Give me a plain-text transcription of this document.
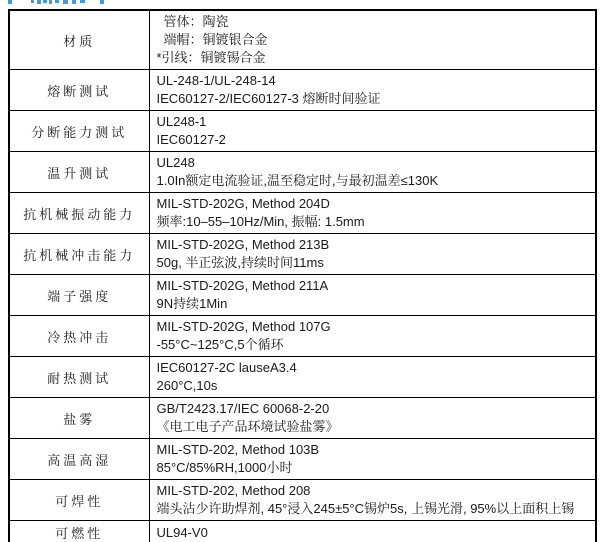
材质	管体：陶瓷
端帽：铜镀银合金
*引线：铜镀锡合金

熔断测试	UL-248-1/UL-248-14
IEC60127-2/IEC60127-3 熔断时间验证

分断能力测试	UL248-1
IEC60127-2

温升测试	UL248
1.0In额定电流验证,温至稳定时,与最初温差≤130K

抗机械振动能力	MIL-STD-202G, Method 204D
频率:10–55–10Hz/Min, 振幅: 1.5mm

抗机械冲击能力	MIL-STD-202G, Method 213B
50g, 半正弦波,持续时间11ms

端子强度	MIL-STD-202G, Method 211A
9N持续1Min

冷热冲击	MIL-STD-202G, Method 107G
-55°C~125°C,5个循环

耐热测试	IEC60127-2C lauseA3.4
260°C,10s

盐雾	GB/T2423.17/IEC 60068-2-20
《电工电子产品环境试验盐雾》

高温高湿	MIL-STD-202, Method 103B
85°C/85%RH,1000小时

可焊性	MIL-STD-202, Method 208
端头沾少许助焊剂, 45°浸入245±5°C锡炉5s, 上锡光滑, 95%以上面积上锡

可燃性	UL94-V0
